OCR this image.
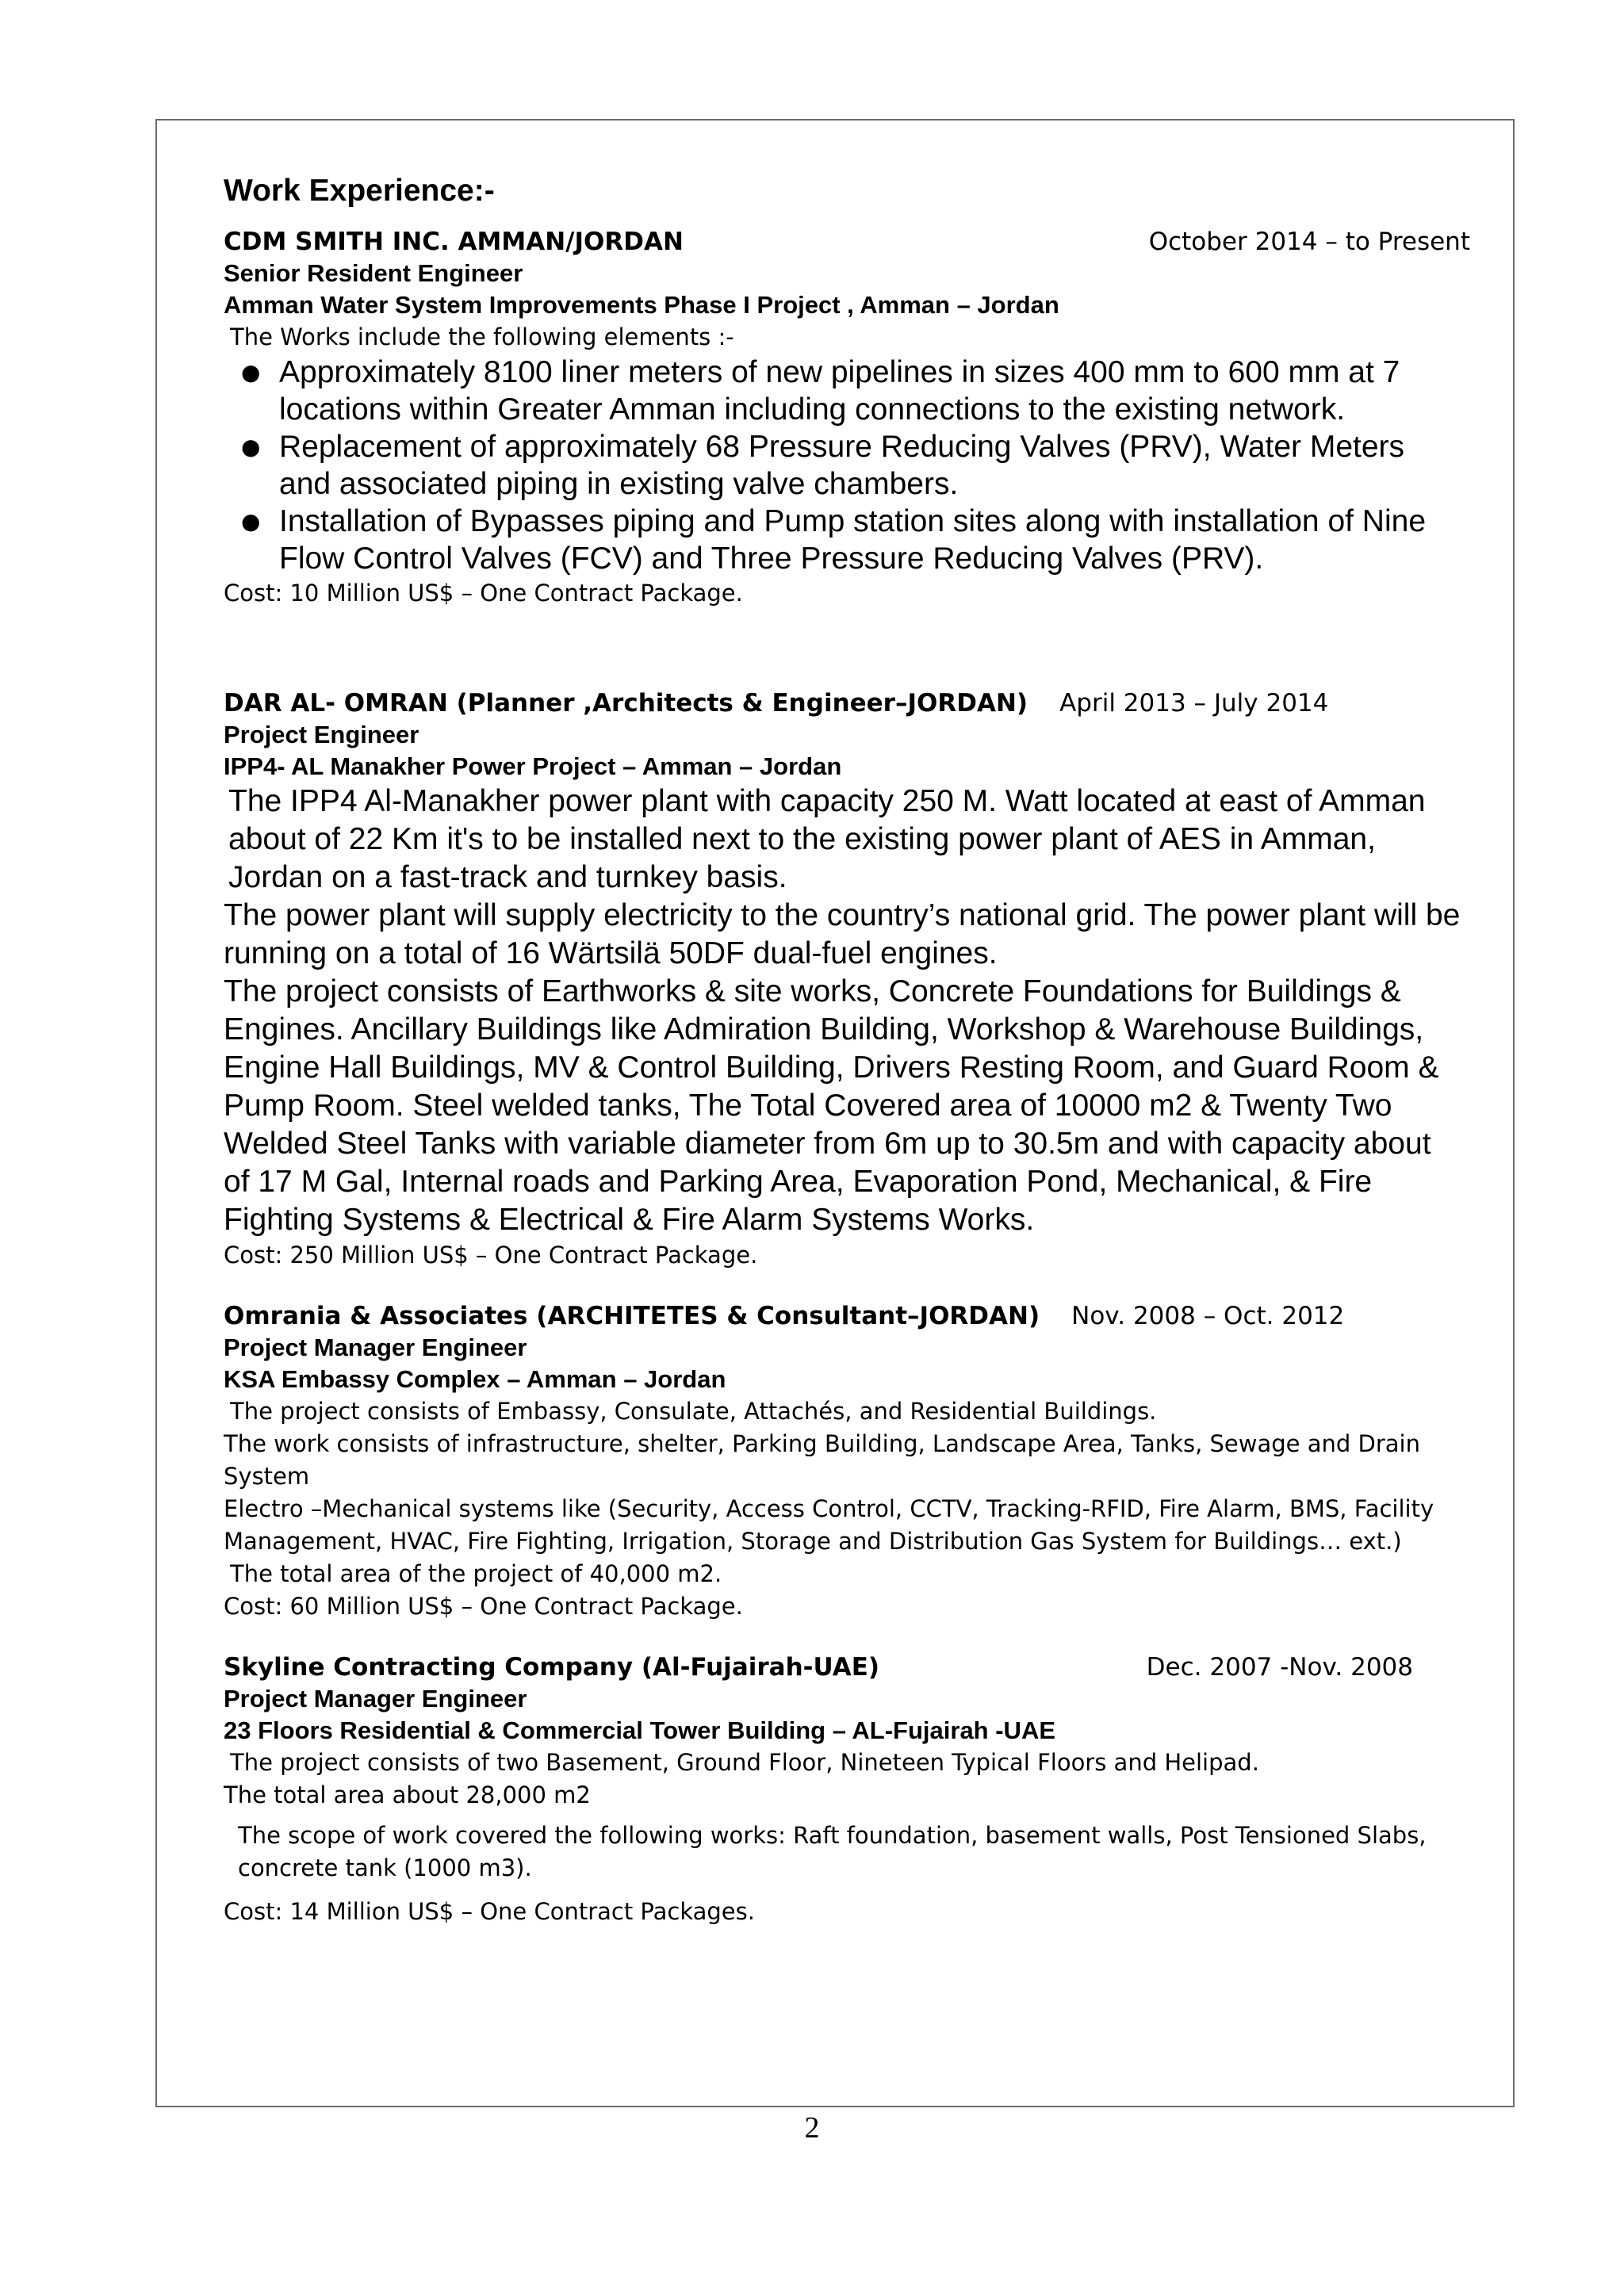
Work Experience:-
CDM SMITH INC. AMMAN/JORDAN	October 2014 – to Present
Senior Resident Engineer
Amman Water System Improvements Phase I Project , Amman – Jordan
The Works include the following elements :-
● Approximately 8100 liner meters of new pipelines in sizes 400 mm to 600 mm at 7 locations within Greater Amman including connections to the existing network.
● Replacement of approximately 68 Pressure Reducing Valves (PRV), Water Meters and associated piping in existing valve chambers.
● Installation of Bypasses piping and Pump station sites along with installation of Nine Flow Control Valves (FCV) and Three Pressure Reducing Valves (PRV).
Cost: 10 Million US$ – One Contract Package.
DAR AL- OMRAN (Planner ,Architects & Engineer–JORDAN) April 2013 – July 2014
Project Engineer
IPP4- AL Manakher Power Project – Amman – Jordan
The IPP4 Al-Manakher power plant with capacity 250 M. Watt located at east of Amman about of 22 Km it's to be installed next to the existing power plant of AES in Amman, Jordan on a fast-track and turnkey basis.
The power plant will supply electricity to the country’s national grid. The power plant will be running on a total of 16 Wärtsilä 50DF dual-fuel engines.
The project consists of Earthworks & site works, Concrete Foundations for Buildings & Engines. Ancillary Buildings like Admiration Building, Workshop & Warehouse Buildings, Engine Hall Buildings, MV & Control Building, Drivers Resting Room, and Guard Room & Pump Room. Steel welded tanks, The Total Covered area of 10000 m2 & Twenty Two Welded Steel Tanks with variable diameter from 6m up to 30.5m and with capacity about of 17 M Gal, Internal roads and Parking Area, Evaporation Pond, Mechanical, & Fire Fighting Systems & Electrical & Fire Alarm Systems Works.
Cost: 250 Million US$ – One Contract Package.
Omrania & Associates (ARCHITETES & Consultant–JORDAN) Nov. 2008 – Oct. 2012
Project Manager Engineer
KSA Embassy Complex – Amman – Jordan
The project consists of Embassy, Consulate, Attachés, and Residential Buildings.
The work consists of infrastructure, shelter, Parking Building, Landscape Area, Tanks, Sewage and Drain System
Electro –Mechanical systems like (Security, Access Control, CCTV, Tracking-RFID, Fire Alarm, BMS, Facility Management, HVAC, Fire Fighting, Irrigation, Storage and Distribution Gas System for Buildings… ext.)
The total area of the project of 40,000 m2.
Cost: 60 Million US$ – One Contract Package.
Skyline Contracting Company (Al-Fujairah-UAE)	Dec. 2007 -Nov. 2008
Project Manager Engineer
23 Floors Residential & Commercial Tower Building – AL-Fujairah -UAE
The project consists of two Basement, Ground Floor, Nineteen Typical Floors and Helipad.
The total area about 28,000 m2
The scope of work covered the following works: Raft foundation, basement walls, Post Tensioned Slabs, concrete tank (1000 m3).
Cost: 14 Million US$ – One Contract Packages.
2
